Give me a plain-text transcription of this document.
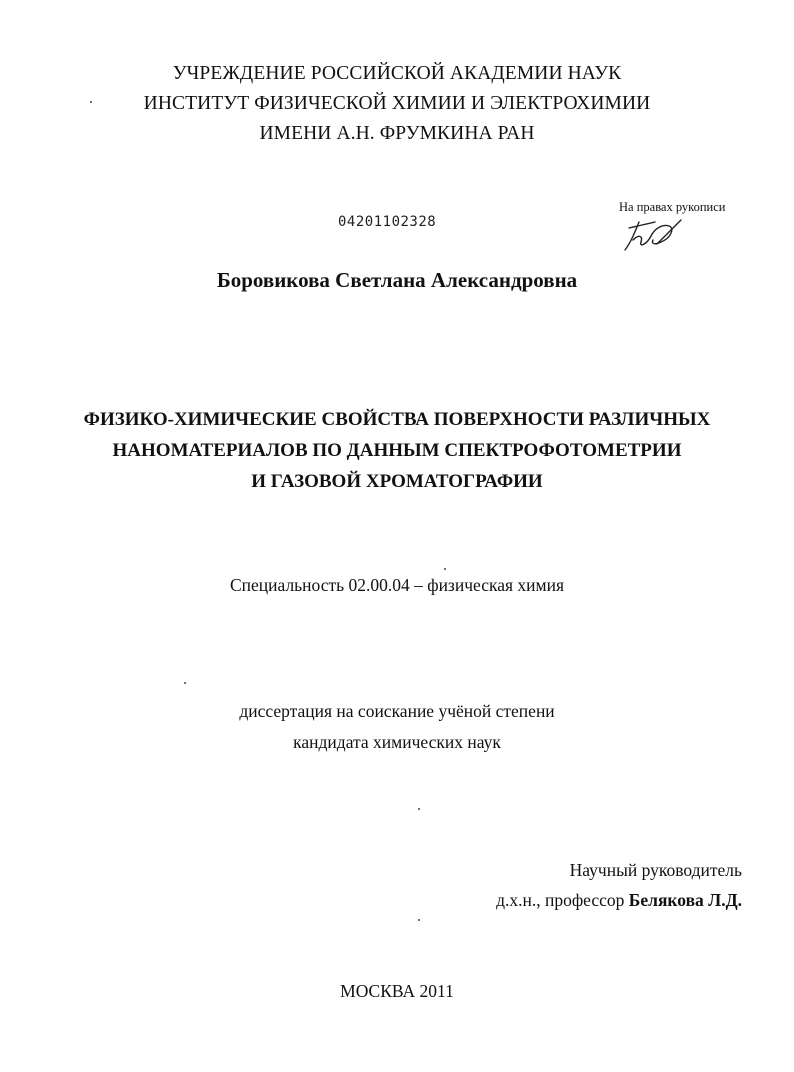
УЧРЕЖДЕНИЕ РОССИЙСКОЙ АКАДЕМИИ НАУК
ИНСТИТУТ ФИЗИЧЕСКОЙ ХИМИИ И ЭЛЕКТРОХИМИИ
ИМЕНИ А.Н. ФРУМКИНА РАН
04201102328
На правах рукописи
Боровикова Светлана Александровна
ФИЗИКО-ХИМИЧЕСКИЕ СВОЙСТВА ПОВЕРХНОСТИ РАЗЛИЧНЫХ
НАНОМАТЕРИАЛОВ ПО ДАННЫМ СПЕКТРОФОТОМЕТРИИ
И ГАЗОВОЙ ХРОМАТОГРАФИИ
Специальность 02.00.04 – физическая химия
диссертация на соискание учёной степени
кандидата химических наук
Научный руководитель
д.х.н., профессор Белякова Л.Д.
МОСКВА 2011
